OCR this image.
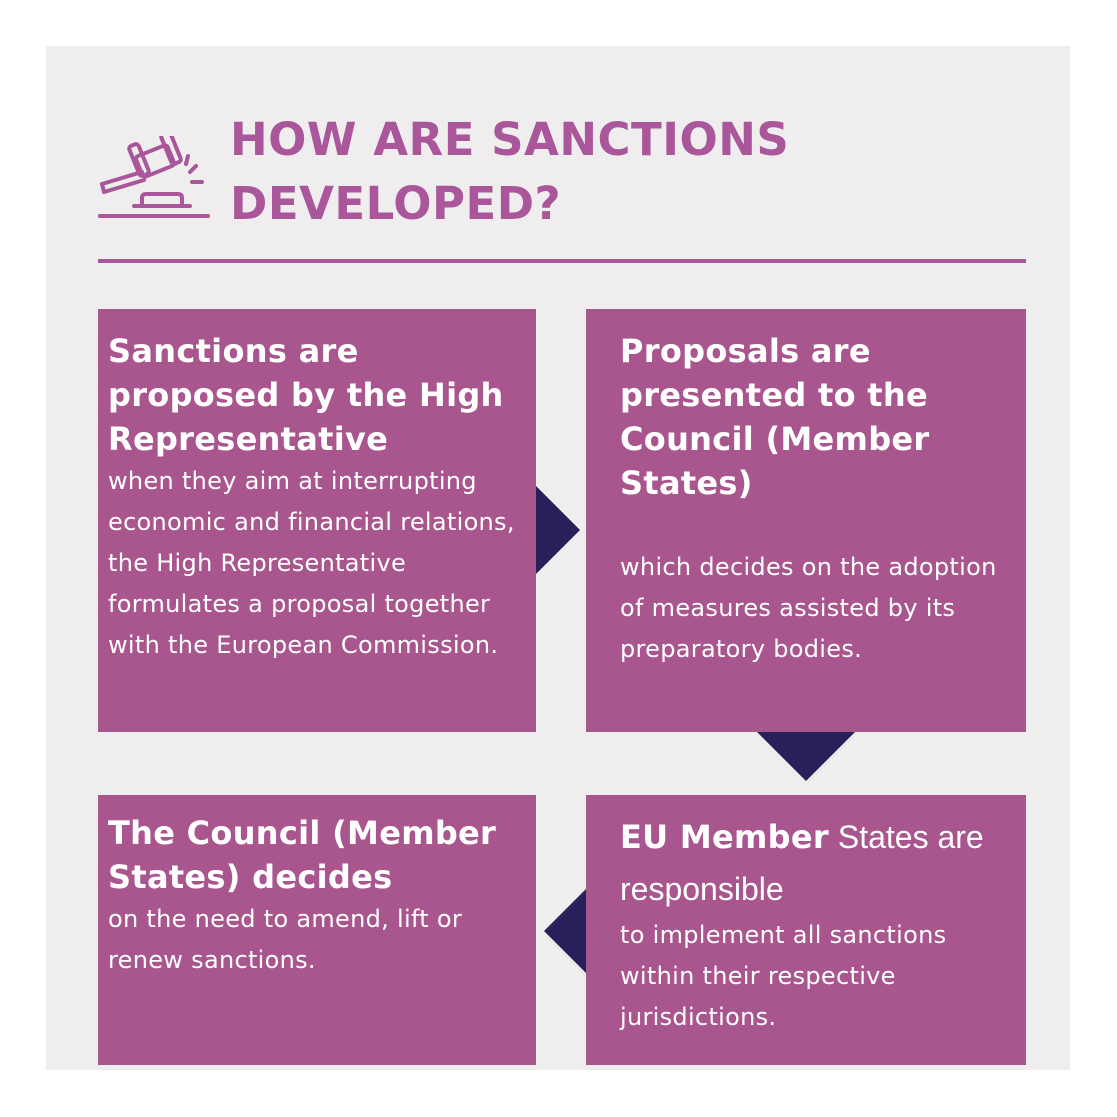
HOW ARE SANCTIONS
DEVELOPED?

Sanctions are proposed by the High Representative

when they aim at interrupting economic and financial relations, the High Representative formulates a proposal together with the European Commission.

Proposals are presented to the Council (Member States)

which decides on the adoption of measures assisted by its preparatory bodies.

The Council (Member States) decides

on the need to amend, lift or renew sanctions.

EU Member States are
responsible

to implement all sanctions within their respective jurisdictions.
